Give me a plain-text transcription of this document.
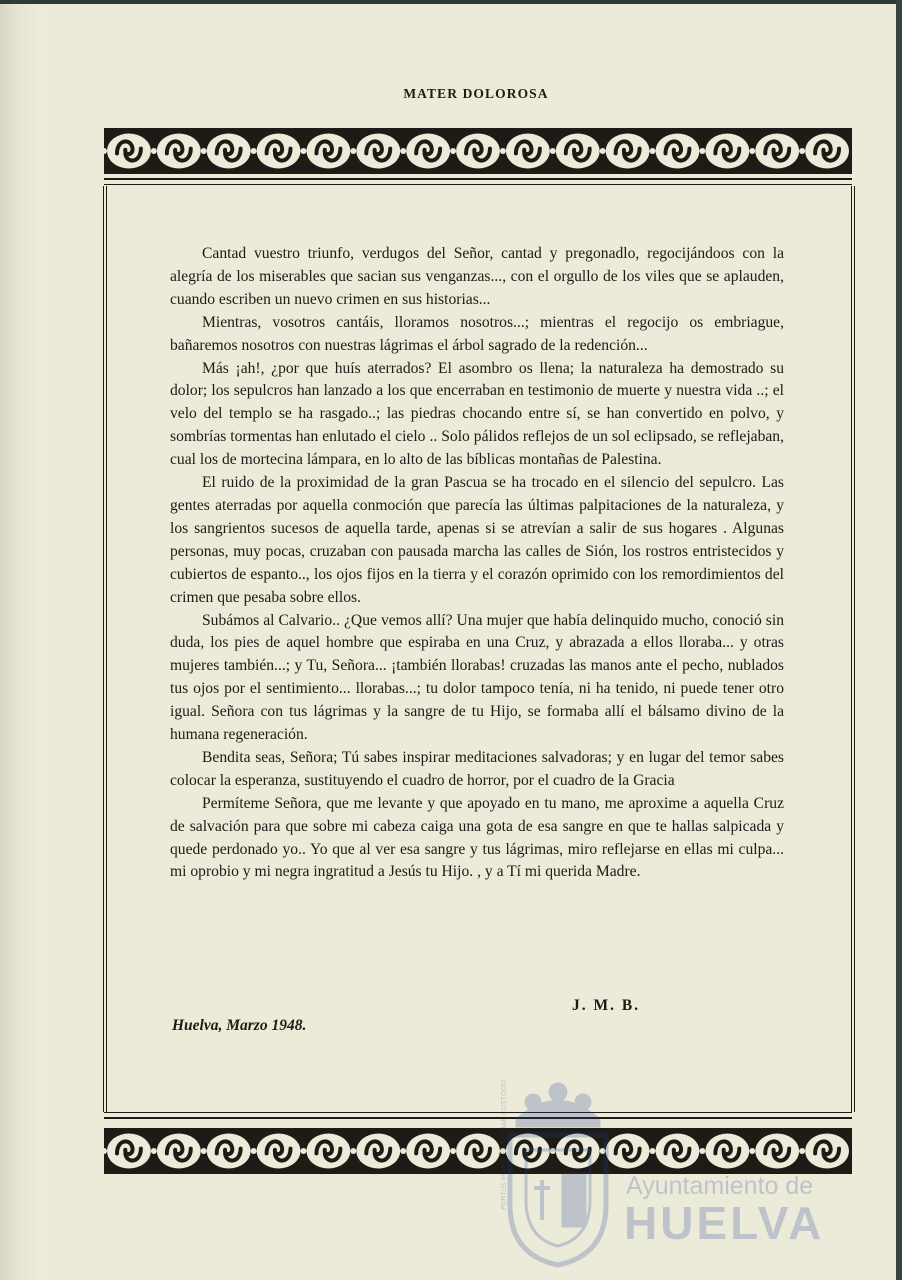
MATER DOLOROSA

Cantad vuestro triunfo, verdugos del Señor, cantad y pregonadlo, regocijándoos con la alegría de los miserables que sacian sus venganzas..., con el orgullo de los viles que se aplauden, cuando escriben un nuevo crimen en sus historias...

Mientras, vosotros cantáis, lloramos nosotros...; mientras el regocijo os embriague, bañaremos nosotros con nuestras lágrimas el árbol sagrado de la redención...

Más ¡ah!, ¿por que huís aterrados? El asombro os llena; la naturaleza ha demostrado su dolor; los sepulcros han lanzado a los que encerraban en testimonio de muerte y nuestra vida ..; el velo del templo se ha rasgado..; las piedras chocando entre sí, se han convertido en polvo, y sombrías tormentas han enlutado el cielo .. Solo pálidos reflejos de un sol eclipsado, se reflejaban, cual los de mortecina lámpara, en lo alto de las bíblicas montañas de Palestina.

El ruido de la proximidad de la gran Pascua se ha trocado en el silencio del sepulcro. Las gentes aterradas por aquella conmoción que parecía las últimas palpitaciones de la naturaleza, y los sangrientos sucesos de aquella tarde, apenas si se atrevían a salir de sus hogares . Algunas personas, muy pocas, cruzaban con pausada marcha las calles de Sión, los rostros entristecidos y cubiertos de espanto.., los ojos fijos en la tierra y el corazón oprimido con los remordimientos del crimen que pesaba sobre ellos.

Subámos al Calvario.. ¿Que vemos allí? Una mujer que había delinquido mucho, conoció sin duda, los pies de aquel hombre que espiraba en una Cruz, y abrazada a ellos lloraba... y otras mujeres también...; y Tu, Señora... ¡también llorabas! cruzadas las manos ante el pecho, nublados tus ojos por el sentimiento... llorabas...; tu dolor tampoco tenía, ni ha tenido, ni puede tener otro igual. Señora con tus lágrimas y la sangre de tu Hijo, se formaba allí el bálsamo divino de la humana regeneración.

Bendita seas, Señora; Tú sabes inspirar meditaciones salvadoras; y en lugar del temor sabes colocar la esperanza, sustituyendo el cuadro de horror, por el cuadro de la Gracia

Permíteme Señora, que me levante y que apoyado en tu mano, me aproxime a aquella Cruz de salvación para que sobre mi cabeza caiga una gota de esa sangre en que te hallas salpicada y quede perdonado yo.. Yo que al ver esa sangre y tus lágrimas, miro reflejarse en ellas mi culpa... mi oprobio y mi negra ingratitud a Jesús tu Hijo. , y a Tí mi querida Madre.

J. M. B.
Huelva, Marzo 1948.
PORTUS MARIS ET TERRAE CUSTODIA	Ayuntamiento de
HUELVA
